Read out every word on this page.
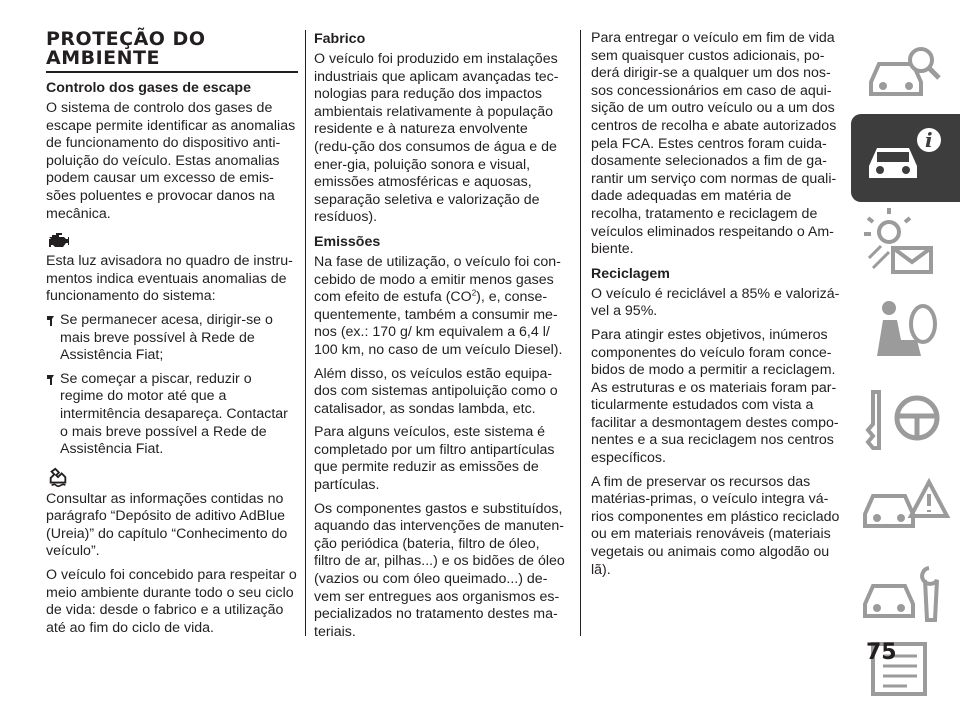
PROTEÇÃO DO
AMBIENTE
Controlo dos gases de escape

O sistema de controlo dos gases de escape permite identificar as anomalias de funcionamento do dispositivo anti-poluição do veículo. Estas anomalias podem causar um excesso de emis-sões poluentes e provocar danos na mecânica.

Esta luz avisadora no quadro de instru-mentos indica eventuais anomalias de funcionamento do sistema:

Se permanecer acesa, dirigir-se o mais breve possível à Rede de Assistência Fiat;

Se começar a piscar, reduzir o regime do motor até que a intermitência desapareça. Contactar o mais breve possível a Rede de Assistência Fiat.

Consultar as informações contidas no parágrafo “Depósito de aditivo AdBlue (Ureia)” do capítulo “Conhecimento do veículo”.

O veículo foi concebido para respeitar o meio ambiente durante todo o seu ciclo de vida: desde o fabrico e a utilização até ao fim do ciclo de vida.

Fabrico

O veículo foi produzido em instalações industriais que aplicam avançadas tec-nologias para redução dos impactos ambientais relativamente à população residente e à natureza envolvente (redu-ção dos consumos de água e de ener-gia, poluição sonora e visual, emissões atmosféricas e aquosas, separação seletiva e valorização de resíduos).

Emissões

Na fase de utilização, o veículo foi con-cebido de modo a emitir menos gases com efeito de estufa $(CO^2)$, e, conse-quentemente, também a consumir me-nos (ex.: 170 g/ km equivalem a 6,4 l/ 100 km, no caso de um veículo Diesel).

Além disso, os veículos estão equipa-dos com sistemas antipoluição como o catalisador, as sondas lambda, etc.

Para alguns veículos, este sistema é completado por um filtro antipartículas que permite reduzir as emissões de partículas.

Os componentes gastos e substituídos, aquando das intervenções de manuten-ção periódica (bateria, filtro de óleo, filtro de ar, pilhas...) e os bidões de óleo (vazios ou com óleo queimado...) de-vem ser entregues aos organismos es-pecializados no tratamento destes ma-teriais.

Para entregar o veículo em fim de vida sem quaisquer custos adicionais, po-derá dirigir-se a qualquer um dos nos-sos concessionários em caso de aqui-sição de um outro veículo ou a um dos centros de recolha e abate autorizados pela FCA. Estes centros foram cuida-dosamente selecionados a fim de ga-rantir um serviço com normas de quali-dade adequadas em matéria de recolha, tratamento e reciclagem de veículos eliminados respeitando o Am-biente.

Reciclagem

O veículo é reciclável a 85% e valorizá-vel a 95%.

Para atingir estes objetivos, inúmeros componentes do veículo foram conce-bidos de modo a permitir a reciclagem. As estruturas e os materiais foram par-ticularmente estudados com vista a facilitar a desmontagem destes compo-nentes e a sua reciclagem nos centros específicos.

A fim de preservar os recursos das matérias-primas, o veículo integra vá-rios componentes em plástico reciclado ou em materiais renováveis (materiais vegetais ou animais como algodão ou lã).

i
75
